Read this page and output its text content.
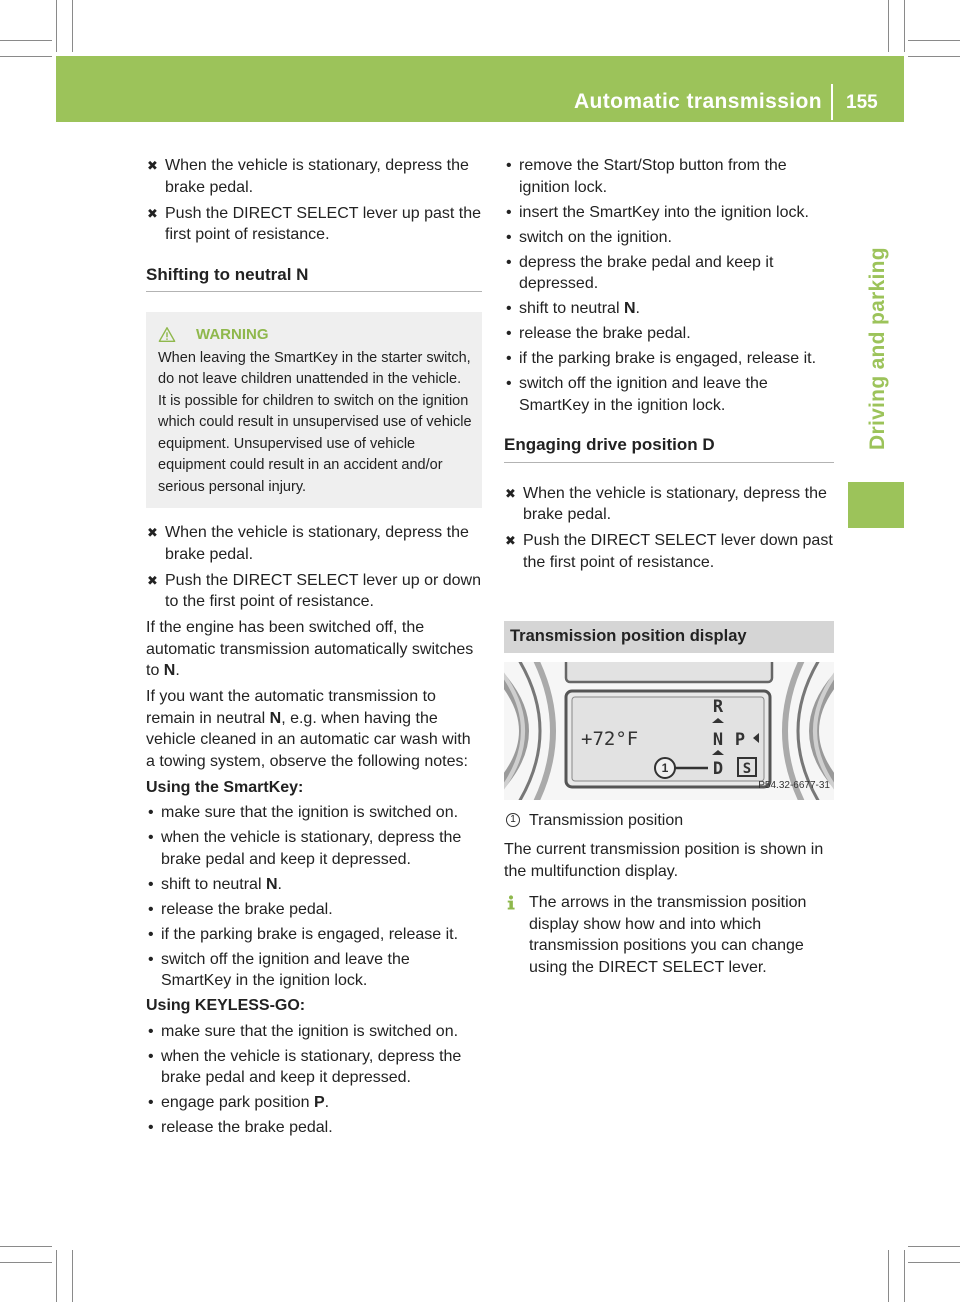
Automatic transmission 155
Driving and parking
✖ When the vehicle is stationary, depress the brake pedal.
✖ Push the DIRECT SELECT lever up past the first point of resistance.
Shifting to neutral N
WARNING
When leaving the SmartKey in the starter switch, do not leave children unattended in the vehicle. It is possible for children to switch on the ignition which could result in unsupervised use of vehicle equipment. Unsupervised use of vehicle equipment could result in an accident and/or serious personal injury.
✖ When the vehicle is stationary, depress the brake pedal.
✖ Push the DIRECT SELECT lever up or down to the first point of resistance.
If the engine has been switched off, the automatic transmission automatically switches to N.
If you want the automatic transmission to remain in neutral N, e.g. when having the vehicle cleaned in an automatic car wash with a towing system, observe the following notes:
Using the SmartKey:
• make sure that the ignition is switched on.
• when the vehicle is stationary, depress the brake pedal and keep it depressed.
• shift to neutral N.
• release the brake pedal.
• if the parking brake is engaged, release it.
• switch off the ignition and leave the SmartKey in the ignition lock.
Using KEYLESS-GO:
• make sure that the ignition is switched on.
• when the vehicle is stationary, depress the brake pedal and keep it depressed.
• engage park position P.
• release the brake pedal.
• remove the Start/Stop button from the ignition lock.
• insert the SmartKey into the ignition lock.
• switch on the ignition.
• depress the brake pedal and keep it depressed.
• shift to neutral N.
• release the brake pedal.
• if the parking brake is engaged, release it.
• switch off the ignition and leave the SmartKey in the ignition lock.
Engaging drive position D
✖ When the vehicle is stationary, depress the brake pedal.
✖ Push the DIRECT SELECT lever down past the first point of resistance.
Transmission position display
+72°F
R
N P
D S
1
P54.32-6677-31
1 Transmission position
The current transmission position is shown in the multifunction display.
The arrows in the transmission position display show how and into which transmission positions you can change using the DIRECT SELECT lever.
